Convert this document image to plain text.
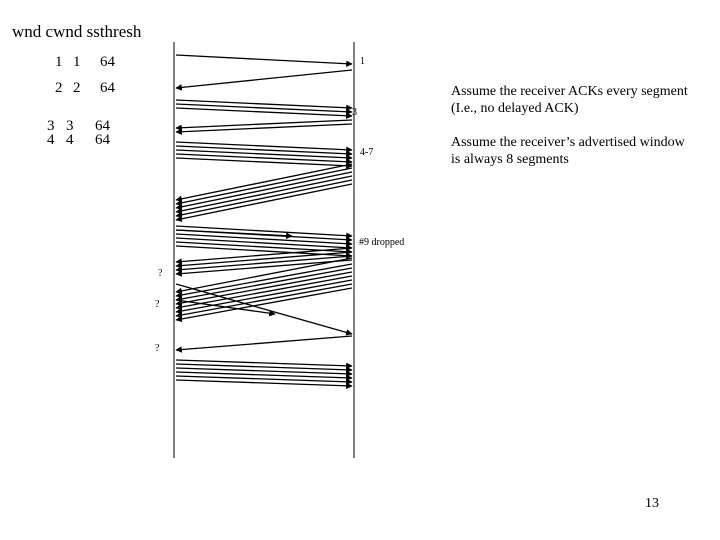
wnd cwnd ssthresh
1 1 64
2 2 64
3 3 64
4 4 64
1
3
4-7
#9 dropped
?
?
?
Assume the receiver ACKs every segment
(I.e., no delayed ACK)
Assume the receiver’s advertised window
is always 8 segments
13
